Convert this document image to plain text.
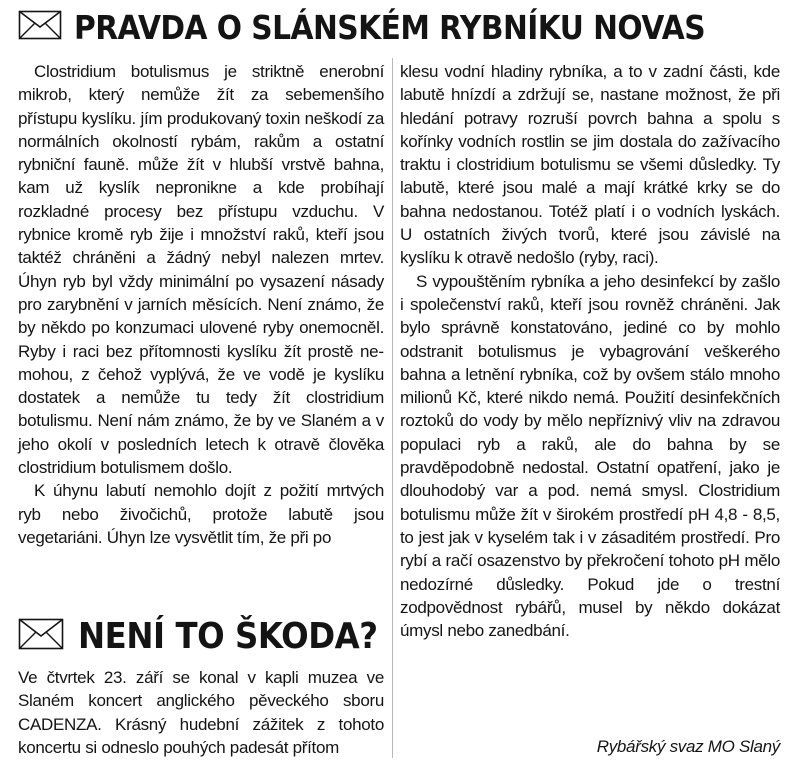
PRAVDA O SLÁNSKÉM RYBNÍKU NOVAS

Clostridium botulismus je striktně enerobní mikrob, který nemůže žít za sebemenšího přístupu kyslíku. jím produkovaný toxin neškodí za normálních okolností rybám, rakům a ostatní rybniční fauně. může žít v hlubší vrstvě bahna, kam už kyslík nepronikne a kde probíhají rozkladné procesy bez přístupu vzduchu. V rybnice kromě ryb žije i množství raků, kteří jsou taktéž chráněni a žádný nebyl nalezen mrtev. Úhyn ryb byl vždy minimální po vysazení násady pro zarybnění v jarních měsících. Není známo, že by někdo po konzumaci ulovené ryby onemocněl. Ryby i raci bez přítomnosti kyslíku žít prostě nemohou, z čehož vyplývá, že ve vodě je kyslíku dostatek a nemůže tu tedy žít clostridium botulismu. Není nám známo, že by ve Slaném a v jeho okolí v posledních letech k otravě člověka clostridium botulismem došlo.

K úhynu labutí nemohlo dojít z požití mrtvých ryb nebo živočichů, protože labutě jsou vegetariáni. Úhyn lze vysvětlit tím, že při po

klesu vodní hladiny rybníka, a to v zadní části, kde labutě hnízdí a zdržují se, nastane možnost, že při hledání potravy rozruší povrch bahna a spolu s kořínky vodních rostlin se jim dostala do zažívacího traktu i clostridium botulismu se všemi důsledky. Ty labutě, které jsou malé a mají krátké krky se do bahna nedostanou. Totéž platí i o vodních lyskách. U ostatních živých tvorů, které jsou závislé na kyslíku k otravě nedošlo (ryby, raci).

S vypouštěním rybníka a jeho desinfekcí by zašlo i společenství raků, kteří jsou rovněž chráněni. Jak bylo správně konstatováno, jediné co by mohlo odstranit botulismus je vybagrování veškerého bahna a letnění rybníka, což by ovšem stálo mnoho milionů Kč, které nikdo nemá. Použití desinfekčních roztoků do vody by mělo nepříznivý vliv na zdravou populaci ryb a raků, ale do bahna by se pravděpodobně nedostal. Ostatní opatření, jako je dlouhodobý var a pod. nemá smysl. Clostridium botulismu může žít v širokém prostředí pH 4,8 - 8,5, to jest jak v kyselém tak i v zásaditém prostředí. Pro rybí a račí osazenstvo by překročení tohoto pH mělo nedozírné důsledky. Pokud jde o trestní zodpovědnost rybářů, musel by někdo dokázat úmysl nebo zanedbání.

Rybářský svaz MO Slaný
NENÍ TO ŠKODA?

Ve čtvrtek 23. září se konal v kapli muzea ve Slaném koncert anglického pěveckého sboru CADENZA. Krásný hudební zážitek z tohoto koncertu si odneslo pouhých padesát přítom
